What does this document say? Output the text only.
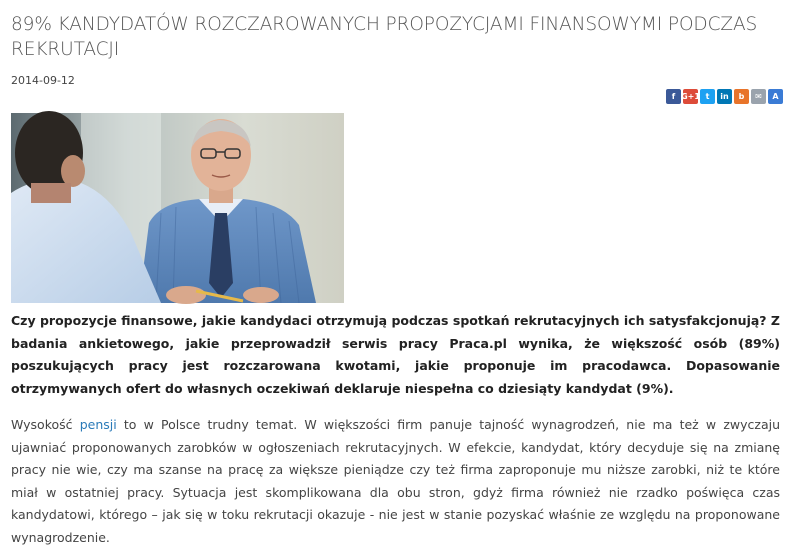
89% KANDYDATÓW ROZCZAROWANYCH PROPOZYCJAMI FINANSOWYMI PODCZAS REKRUTACJI
2014-09-12
f G+1 t	in	b	✉	A

Czy propozycje finansowe, jakie kandydaci otrzymują podczas spotkań rekrutacyjnych ich satysfakcjonują? Z badania ankietowego, jakie przeprowadził serwis pracy Praca.pl wynika, że większość osób (89%) poszukujących pracy jest rozczarowana kwotami, jakie proponuje im pracodawca. Dopasowanie otrzymywanych ofert do własnych oczekiwań deklaruje niespełna co dziesiąty kandydat (9%).

Wysokość pensji to w Polsce trudny temat. W większości firm panuje tajność wynagrodzeń, nie ma też w zwyczaju ujawniać proponowanych zarobków w ogłoszeniach rekrutacyjnych. W efekcie, kandydat, który decyduje się na zmianę pracy nie wie, czy ma szanse na pracę za większe pieniądze czy też firma zaproponuje mu niższe zarobki, niż te które miał w ostatniej pracy. Sytuacja jest skomplikowana dla obu stron, gdyż firma również nie rzadko poświęca czas kandydatowi, którego – jak się w toku rekrutacji okazuje - nie jest w stanie pozyskać właśnie ze względu na proponowane wynagrodzenie.
